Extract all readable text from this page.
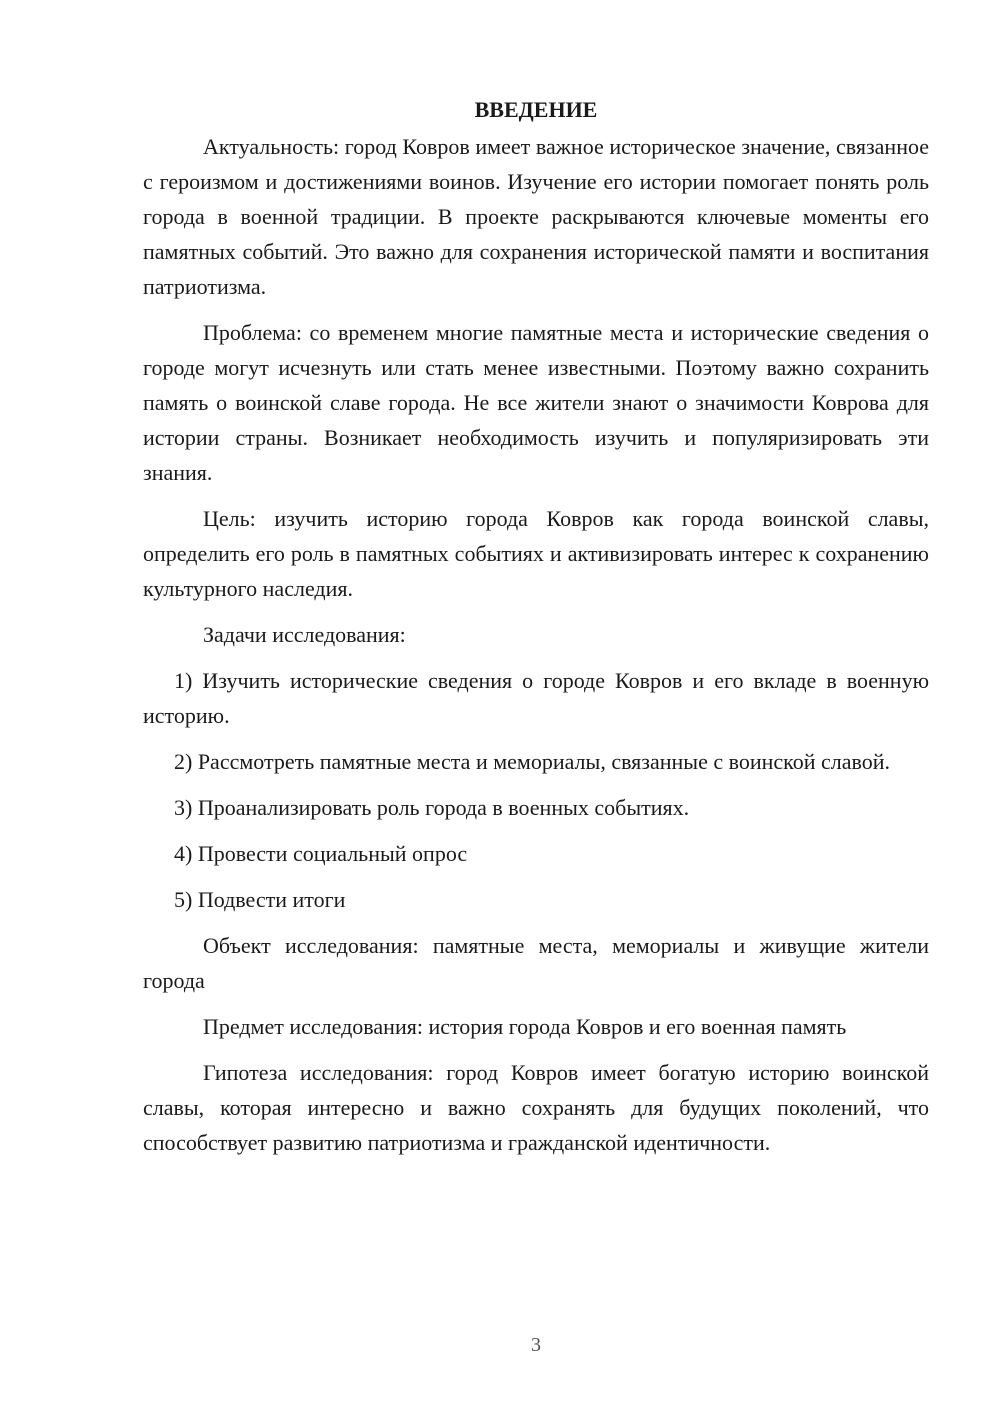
ВВЕДЕНИЕ

Актуальность: город Ковров имеет важное историческое значение, связанное с героизмом и достижениями воинов. Изучение его истории помогает понять роль города в военной традиции. В проекте раскрываются ключевые моменты его памятных событий. Это важно для сохранения исторической памяти и воспитания патриотизма.

Проблема: со временем многие памятные места и исторические сведения о городе могут исчезнуть или стать менее известными. Поэтому важно сохранить память о воинской славе города. Не все жители знают о значимости Коврова для истории страны. Возникает необходимость изучить и популяризировать эти знания.

Цель: изучить историю города Ковров как города воинской славы, определить его роль в памятных событиях и активизировать интерес к сохранению культурного наследия.

Задачи исследования:

1) Изучить исторические сведения о городе Ковров и его вкладе в военную историю.

2) Рассмотреть памятные места и мемориалы, связанные с воинской славой.

3) Проанализировать роль города в военных событиях.

4) Провести социальный опрос

5) Подвести итоги

Объект исследования: памятные места, мемориалы и живущие жители города

Предмет исследования: история города Ковров и его военная память

Гипотеза исследования: город Ковров имеет богатую историю воинской славы, которая интересно и важно сохранять для будущих поколений, что способствует развитию патриотизма и гражданской идентичности.

3
